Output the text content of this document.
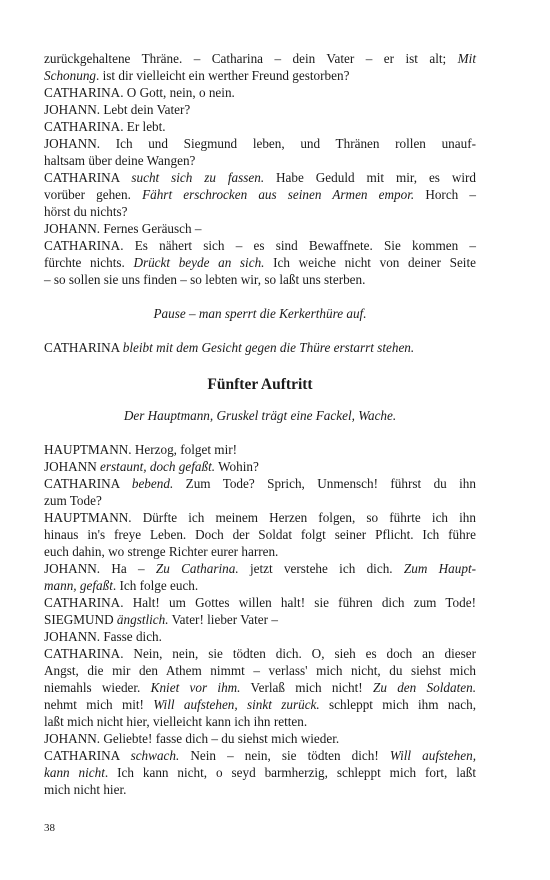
zurückgehaltene Thräne. – Catharina – dein Vater – er ist alt; Mit
Schonung. ist dir vielleicht ein werther Freund gestorben?
CATHARINA. O Gott, nein, o nein.
JOHANN. Lebt dein Vater?
CATHARINA. Er lebt.
JOHANN. Ich und Siegmund leben, und Thränen rollen unauf-
haltsam über deine Wangen?
CATHARINA sucht sich zu fassen. Habe Geduld mit mir, es wird
vorüber gehen. Fährt erschrocken aus seinen Armen empor. Horch –
hörst du nichts?
JOHANN. Fernes Geräusch –
CATHARINA. Es nähert sich – es sind Bewaffnete. Sie kommen –
fürchte nichts. Drückt beyde an sich. Ich weiche nicht von deiner Seite
– so sollen sie uns finden – so lebten wir, so laßt uns sterben.
Pause – man sperrt die Kerkerthüre auf.
CATHARINA bleibt mit dem Gesicht gegen die Thüre erstarrt stehen.
Fünfter Auftritt
Der Hauptmann, Gruskel trägt eine Fackel, Wache.
HAUPTMANN. Herzog, folget mir!
JOHANN erstaunt, doch gefaßt. Wohin?
CATHARINA bebend. Zum Tode? Sprich, Unmensch! führst du ihn
zum Tode?
HAUPTMANN. Dürfte ich meinem Herzen folgen, so führte ich ihn
hinaus in's freye Leben. Doch der Soldat folgt seiner Pflicht. Ich führe
euch dahin, wo strenge Richter eurer harren.
JOHANN. Ha – Zu Catharina. jetzt verstehe ich dich. Zum Haupt-
mann, gefaßt. Ich folge euch.
CATHARINA. Halt! um Gottes willen halt! sie führen dich zum Tode!
SIEGMUND ängstlich. Vater! lieber Vater –
JOHANN. Fasse dich.
CATHARINA. Nein, nein, sie tödten dich. O, sieh es doch an dieser
Angst, die mir den Athem nimmt – verlass' mich nicht, du siehst mich
niemahls wieder. Kniet vor ihm. Verlaß mich nicht! Zu den Soldaten.
nehmt mich mit! Will aufstehen, sinkt zurück. schleppt mich ihm nach,
laßt mich nicht hier, vielleicht kann ich ihn retten.
JOHANN. Geliebte! fasse dich – du siehst mich wieder.
CATHARINA schwach. Nein – nein, sie tödten dich! Will aufstehen,
kann nicht. Ich kann nicht, o seyd barmherzig, schleppt mich fort, laßt
mich nicht hier.
38
